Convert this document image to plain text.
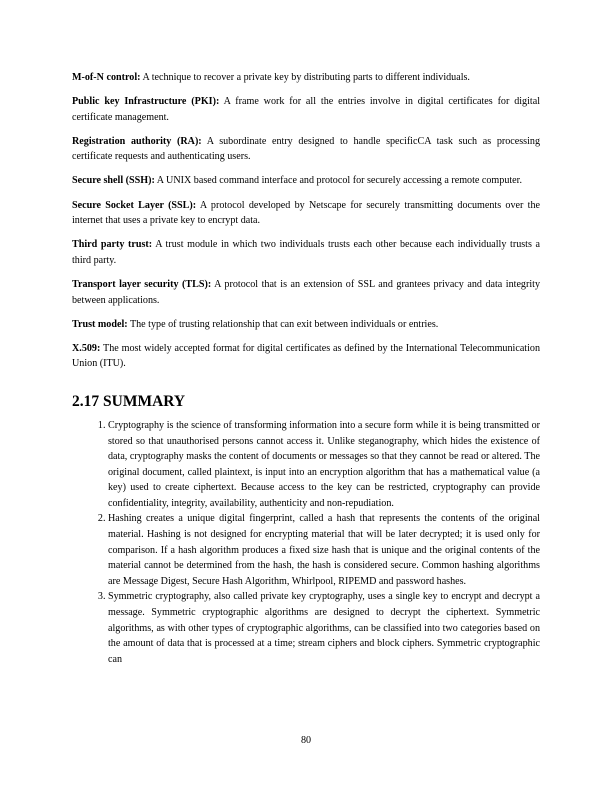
M-of-N control: A technique to recover a private key by distributing parts to different individuals.

Public key Infrastructure (PKI): A frame work for all the entries involve in digital certificates for digital certificate management.

Registration authority (RA): A subordinate entry designed to handle specificCA task such as processing certificate requests and authenticating users.

Secure shell (SSH): A UNIX based command interface and protocol for securely accessing a remote computer.

Secure Socket Layer (SSL): A protocol developed by Netscape for securely transmitting documents over the internet that uses a private key to encrypt data.

Third party trust: A trust module in which two individuals trusts each other because each individually trusts a third party.

Transport layer security (TLS): A protocol that is an extension of SSL and grantees privacy and data integrity between applications.

Trust model: The type of trusting relationship that can exit between individuals or entries.

X.509: The most widely accepted format for digital certificates as defined by the International Telecommunication Union (ITU).

2.17 SUMMARY
1. Cryptography is the science of transforming information into a secure form while it is being transmitted or stored so that unauthorised persons cannot access it. Unlike steganography, which hides the existence of data, cryptography masks the content of documents or messages so that they cannot be read or altered. The original document, called plaintext, is input into an encryption algorithm that has a mathematical value (a key) used to create ciphertext. Because access to the key can be restricted, cryptography can provide confidentiality, integrity, availability, authenticity and non-repudiation.
2. Hashing creates a unique digital fingerprint, called a hash that represents the contents of the original material. Hashing is not designed for encrypting material that will be later decrypted; it is used only for comparison. If a hash algorithm produces a fixed size hash that is unique and the original contents of the material cannot be determined from the hash, the hash is considered secure. Common hashing algorithms are Message Digest, Secure Hash Algorithm, Whirlpool, RIPEMD and password hashes.
3. Symmetric cryptography, also called private key cryptography, uses a single key to encrypt and decrypt a message. Symmetric cryptographic algorithms are designed to decrypt the ciphertext. Symmetric algorithms, as with other types of cryptographic algorithms, can be classified into two categories based on the amount of data that is processed at a time; stream ciphers and block ciphers. Symmetric cryptographic can
80
